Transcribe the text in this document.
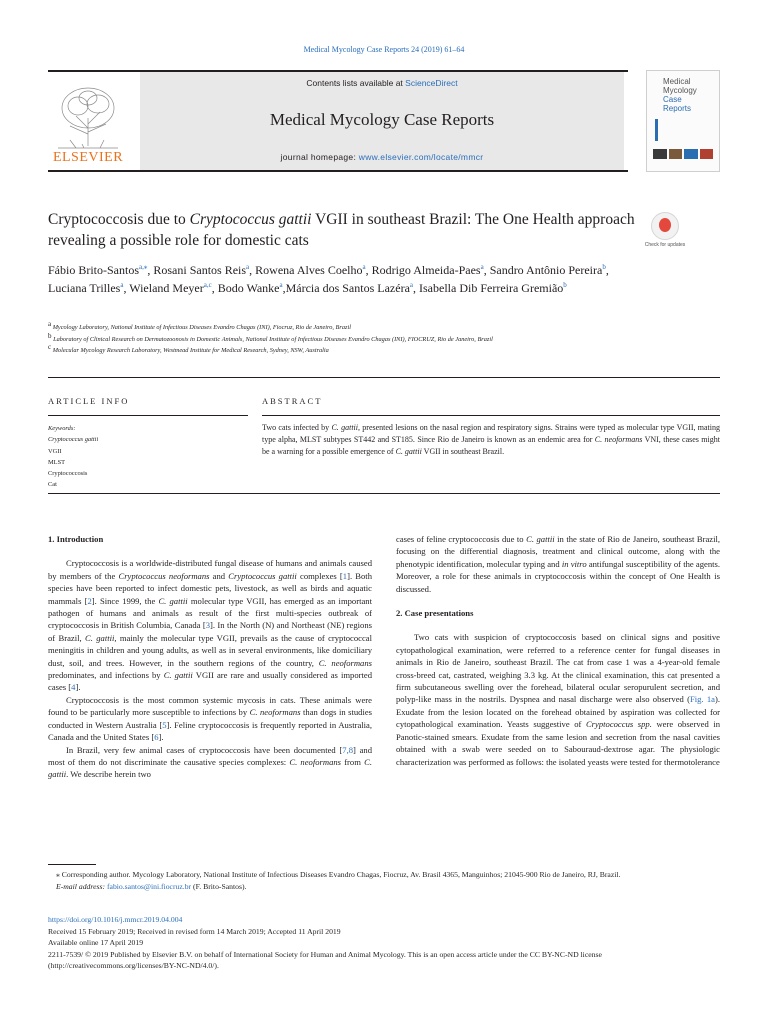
Medical Mycology Case Reports 24 (2019) 61–64
ELSEVIER
Contents lists available at ScienceDirect
Medical Mycology Case Reports
journal homepage: www.elsevier.com/locate/mmcr
Medical
Mycology
Case
Reports
Cryptococcosis due to Cryptococcus gattii VGII in southeast Brazil: The One Health approach revealing a possible role for domestic cats	Check for updates
Fábio Brito-Santos$^{a,⁎}$, Rosani Santos Reis$^a$, Rowena Alves Coelho$^a$, Rodrigo Almeida-Paes$^a$, Sandro Antônio Pereira$^b$, Luciana Trilles$^a$, Wieland Meyer$^{a,c}$, Bodo Wanke$^a$,Márcia dos Santos Lazéra$^a$, Isabella Dib Ferreira Gremião$^b$
$^a$ Mycology Laboratory, National Institute of Infectious Diseases Evandro Chagas (INI), Fiocruz, Rio de Janeiro, Brazil
$^b$ Laboratory of Clinical Research on Dermatozoonosis in Domestic Animals, National Institute of Infectious Diseases Evandro Chagas (INI), FIOCRUZ, Rio de Janeiro, Brazil
$^c$ Molecular Mycology Research Laboratory, Westmead Institute for Medical Research, Sydney, NSW, Australia
ARTICLE INFO	ABSTRACT
Keywords:
Cryptococcus gattii
VGII
MLST
Cryptococcosis
Cat
Two cats infected by C. gattii, presented lesions on the nasal region and respiratory signs. Strains were typed as molecular type VGII, mating type alpha, MLST subtypes ST442 and ST185. Since Rio de Janeiro is known as an endemic area for C. neoformans VNI, these cases might be a warning for a possible emergence of C. gattii VGII in southeast Brazil.
1. Introduction

Cryptococcosis is a worldwide-distributed fungal disease of humans and animals caused by members of the Cryptococcus neoformans and Cryptococcus gattii complexes [1]. Both species have been reported to infect domestic pets, livestock, as well as birds and aquatic mammals [2]. Since 1999, the C. gattii molecular type VGII, has emerged as an important pathogen of humans and animals as result of the first multi-species outbreak of cryptococcosis in British Columbia, Canada [3]. In the North (N) and Northeast (NE) regions of Brazil, C. gattii, mainly the molecular type VGII, prevails as the cause of cryptococcal meningitis in children and young adults, as well as in several environments, like domiciliary dust, soil, and trees. However, in the southern regions of the country, C. neoformans predominates, and infections by C. gattii VGII are rare and usually considered as imported cases [4].

Cryptococcosis is the most common systemic mycosis in cats. These animals were found to be particularly more susceptible to infections by C. neoformans than dogs in studies conducted in Western Australia [5]. Feline cryptococcosis is frequently reported in Australia, Canada and the United States [6].

In Brazil, very few animal cases of cryptococcosis have been documented [7,8] and most of them do not discriminate the causative species complexes: C. neoformans from C. gattii. We describe herein two

cases of feline cryptococcosis due to C. gattii in the state of Rio de Janeiro, southeast Brazil, focusing on the differential diagnosis, treatment and clinical outcome, along with the phenotypic identification, molecular typing and in vitro antifungal susceptibility of the agents. Moreover, a role for these animals in cryptococcosis within the concept of One Health is discussed.

2. Case presentations

Two cats with suspicion of cryptococcosis based on clinical signs and positive cytopathological examination, were referred to a reference center for fungal diseases in animals in Rio de Janeiro, southeast Brazil. The cat from case 1 was a 4-year-old female cross-breed cat, castrated, weighing 3.3 kg. At the clinical examination, this cat presented a firm subcutaneous swelling over the forehead, bilateral ocular seropurulent secretion, and polyp-like mass in the nostrils. Dyspnea and nasal discharge were also observed (Fig. 1a). Exudate from the lesion located on the forehead obtained by aspiration was collected for cytopathological examination. Yeasts suggestive of Cryptococcus spp. were observed in Panotic-stained smears. Exudate from the same lesion and secretion from the nasal cavities obtained with a swab were seeded on to Sabouraud-dextrose agar. The physiologic characterization was performed as follows: the isolated yeasts were tested for thermotolerance

⁎ Corresponding author. Mycology Laboratory, National Institute of Infectious Diseases Evandro Chagas, Fiocruz, Av. Brasil 4365, Manguinhos; 21045-900 Rio de Janeiro, RJ, Brazil.
E-mail address: fabio.santos@ini.fiocruz.br (F. Brito-Santos).
https://doi.org/10.1016/j.mmcr.2019.04.004
Received 15 February 2019; Received in revised form 14 March 2019; Accepted 11 April 2019
Available online 17 April 2019
2211-7539/ © 2019 Published by Elsevier B.V. on behalf of International Society for Human and Animal Mycology. This is an open access article under the CC BY-NC-ND license (http://creativecommons.org/licenses/BY-NC-ND/4.0/).
